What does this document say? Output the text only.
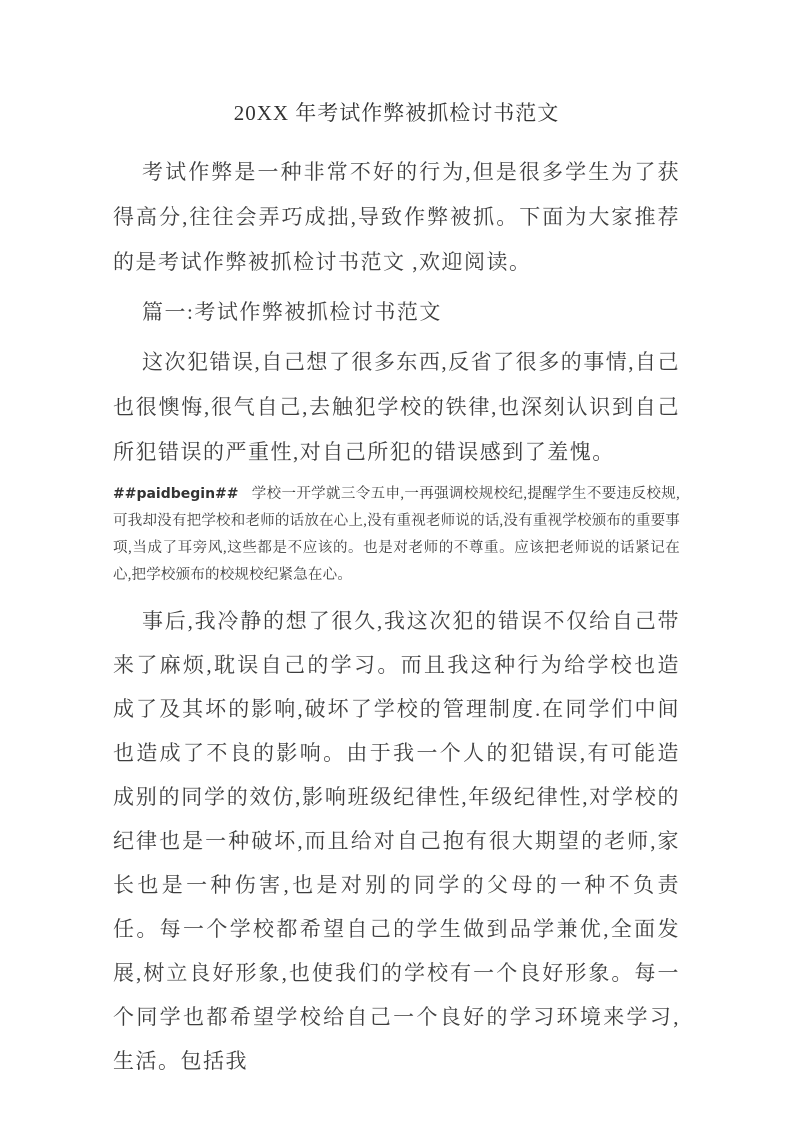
20XX 年考试作弊被抓检讨书范文

考试作弊是一种非常不好的行为,但是很多学生为了获得高分,往往会弄巧成拙,导致作弊被抓。下面为大家推荐的是考试作弊被抓检讨书范文 ,欢迎阅读。

篇一:考试作弊被抓检讨书范文

这次犯错误,自己想了很多东西,反省了很多的事情,自己也很懊悔,很气自己,去触犯学校的铁律,也深刻认识到自己所犯错误的严重性,对自己所犯的错误感到了羞愧。

##paidbegin## 学校一开学就三令五申,一再强调校规校纪,提醒学生不要违反校规,可我却没有把学校和老师的话放在心上,没有重视老师说的话,没有重视学校颁布的重要事项,当成了耳旁风,这些都是不应该的。也是对老师的不尊重。应该把老师说的话紧记在心,把学校颁布的校规校纪紧急在心。

事后,我冷静的想了很久,我这次犯的错误不仅给自己带来了麻烦,耽误自己的学习。而且我这种行为给学校也造成了及其坏的影响,破坏了学校的管理制度.在同学们中间也造成了不良的影响。由于我一个人的犯错误,有可能造成别的同学的效仿,影响班级纪律性,年级纪律性,对学校的纪律也是一种破坏,而且给对自己抱有很大期望的老师,家长也是一种伤害,也是对别的同学的父母的一种不负责任。每一个学校都希望自己的学生做到品学兼优,全面发展,树立良好形象,也使我们的学校有一个良好形象。每一个同学也都希望学校给自己一个良好的学习环境来学习,生活。包括我
